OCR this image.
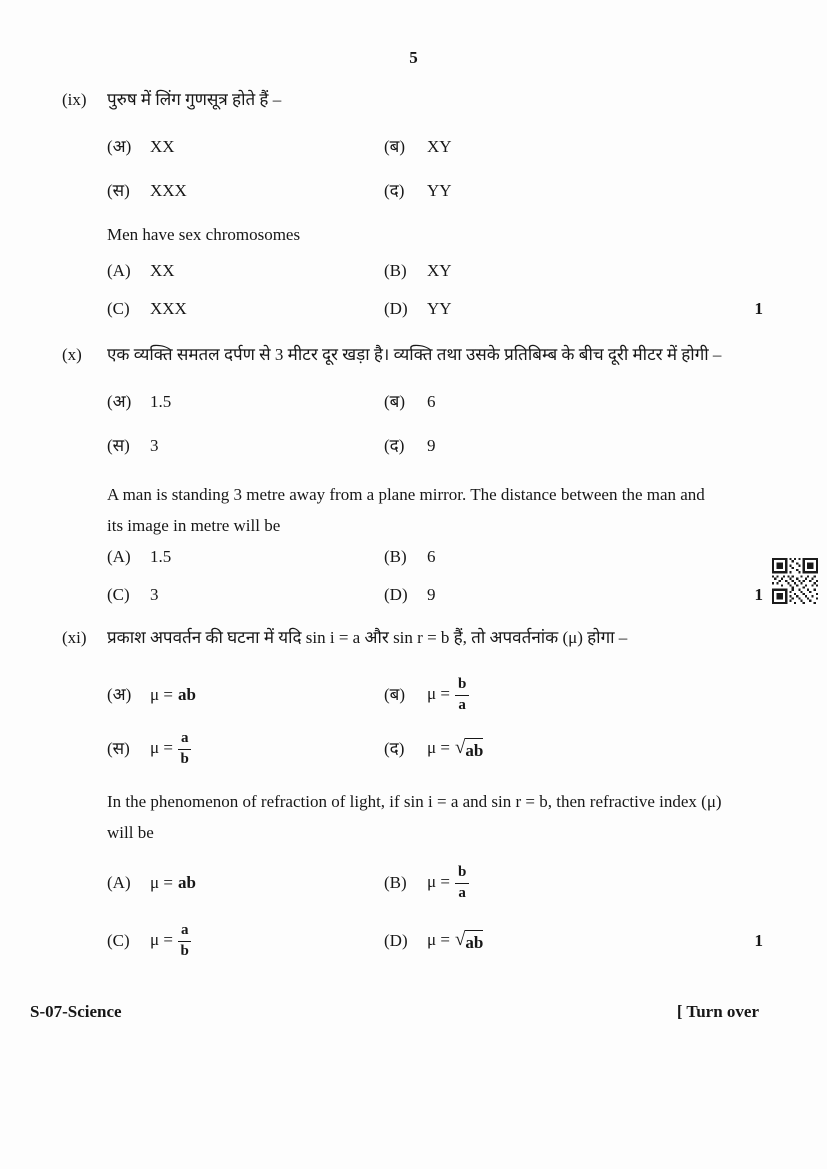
5
(ix)	पुरुष में लिंग गुणसूत्र होते हैं –
(अ)	XX	(ब)	XY
(स)	XXX	(द)	YY
Men have sex chromosomes
(A)	XX	(B)	XY
(C)	XXX	(D)	YY	1
(x)	एक व्यक्ति समतल दर्पण से 3 मीटर दूर खड़ा है। व्यक्ति तथा उसके प्रतिबिम्ब के बीच दूरी मीटर में होगी –
(अ)	1.5	(ब)	6
(स)	3	(द)	9
A man is standing 3 metre away from a plane mirror. The distance between the man and its image in metre will be
(A)	1.5	(B)	6
(C)	3	(D)	9	1
(xi)	प्रकाश अपवर्तन की घटना में यदि sin i = a और sin r = b हैं, तो अपवर्तनांक (μ) होगा –
(अ)	μ = ab	(ब)	$\mu = \frac{b}{a}$
(स)	$\mu = \frac{a}{b}$	(द)	μ = √ ab
In the phenomenon of refraction of light, if sin i = a and sin r = b, then refractive index (μ) will be
(A)	μ = ab	(B)	$\mu = \frac{b}{a}$
(C)	$\mu = \frac{a}{b}$	(D)	μ = √ ab	1
S-07-Science	[ Turn over
